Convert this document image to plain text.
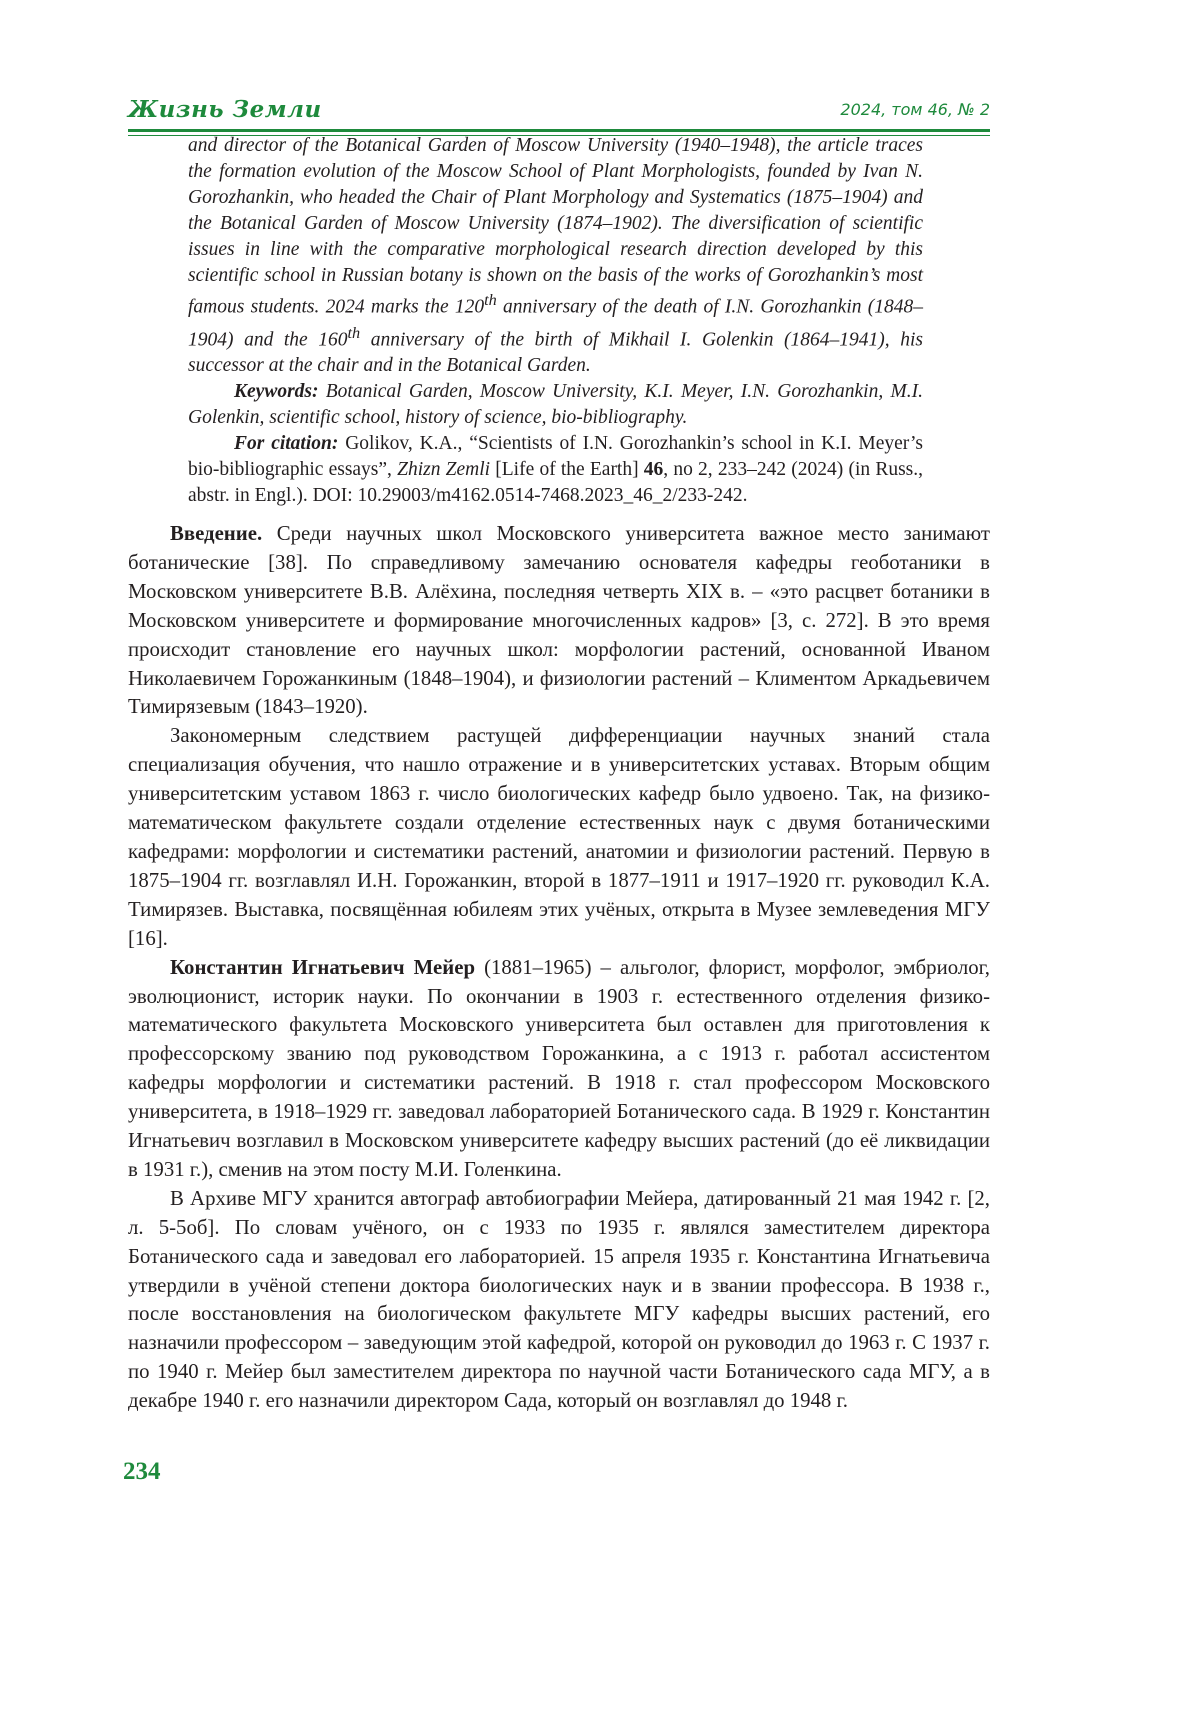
Жизнь Земли	2024, том 46, № 2

and director of the Botanical Garden of Moscow University (1940–1948), the article traces the formation evolution of the Moscow School of Plant Morphologists, founded by Ivan N. Gorozhankin, who headed the Chair of Plant Morphology and Systematics (1875–1904) and the Botanical Garden of Moscow University (1874–1902). The diversification of scientific issues in line with the comparative morphological research direction developed by this scientific school in Russian botany is shown on the basis of the works of Gorozhankin’s most famous students. 2024 marks the 120th anniversary of the death of I.N. Gorozhankin (1848–1904) and the 160th anniversary of the birth of Mikhail I. Golenkin (1864–1941), his successor at the chair and in the Botanical Garden.

Keywords: Botanical Garden, Moscow University, K.I. Meyer, I.N. Gorozhankin, M.I. Golenkin, scientific school, history of science, bio-bibliography.

For citation: Golikov, K.A., “Scientists of I.N. Gorozhankin’s school in K.I. Meyer’s bio-bibliographic essays”, Zhizn Zemli [Life of the Earth] 46, no 2, 233–242 (2024) (in Russ., abstr. in Engl.). DOI: 10.29003/m4162.0514-7468.2023_46_2/233-242.

Введение. Среди научных школ Московского университета важное место занимают ботанические [38]. По справедливому замечанию основателя кафедры геоботаники в Московском университете В.В. Алёхина, последняя четверть XIX в. – «это расцвет ботаники в Московском университете и формирование многочисленных кадров» [3, с. 272]. В это время происходит становление его научных школ: морфологии растений, основанной Иваном Николаевичем Горожанкиным (1848–1904), и физиологии растений – Климентом Аркадьевичем Тимирязевым (1843–1920).

Закономерным следствием растущей дифференциации научных знаний стала специализация обучения, что нашло отражение и в университетских уставах. Вторым общим университетским уставом 1863 г. число биологических кафедр было удвоено. Так, на физико-математическом факультете создали отделение естественных наук с двумя ботаническими кафедрами: морфологии и систематики растений, анатомии и физиологии растений. Первую в 1875–1904 гг. возглавлял И.Н. Горожанкин, второй в 1877–1911 и 1917–1920 гг. руководил К.А. Тимирязев. Выставка, посвящённая юбилеям этих учёных, открыта в Музее землеведения МГУ [16].

Константин Игнатьевич Мейер (1881–1965) – альголог, флорист, морфолог, эмбриолог, эволюционист, историк науки. По окончании в 1903 г. естественного отделения физико-математического факультета Московского университета был оставлен для приготовления к профессорскому званию под руководством Горожанкина, а с 1913 г. работал ассистентом кафедры морфологии и систематики растений. В 1918 г. стал профессором Московского университета, в 1918–1929 гг. заведовал лабораторией Ботанического сада. В 1929 г. Константин Игнатьевич возглавил в Московском университете кафедру высших растений (до её ликвидации в 1931 г.), сменив на этом посту М.И. Голенкина.

В Архиве МГУ хранится автограф автобиографии Мейера, датированный 21 мая 1942 г. [2, л. 5-5об]. По словам учёного, он с 1933 по 1935 г. являлся заместителем директора Ботанического сада и заведовал его лабораторией. 15 апреля 1935 г. Константина Игнатьевича утвердили в учёной степени доктора биологических наук и в звании профессора. В 1938 г., после восстановления на биологическом факультете МГУ кафедры высших растений, его назначили профессором – заведующим этой кафедрой, которой он руководил до 1963 г. С 1937 г. по 1940 г. Мейер был заместителем директора по научной части Ботанического сада МГУ, а в декабре 1940 г. его назначили директором Сада, который он возглавлял до 1948 г.

234
